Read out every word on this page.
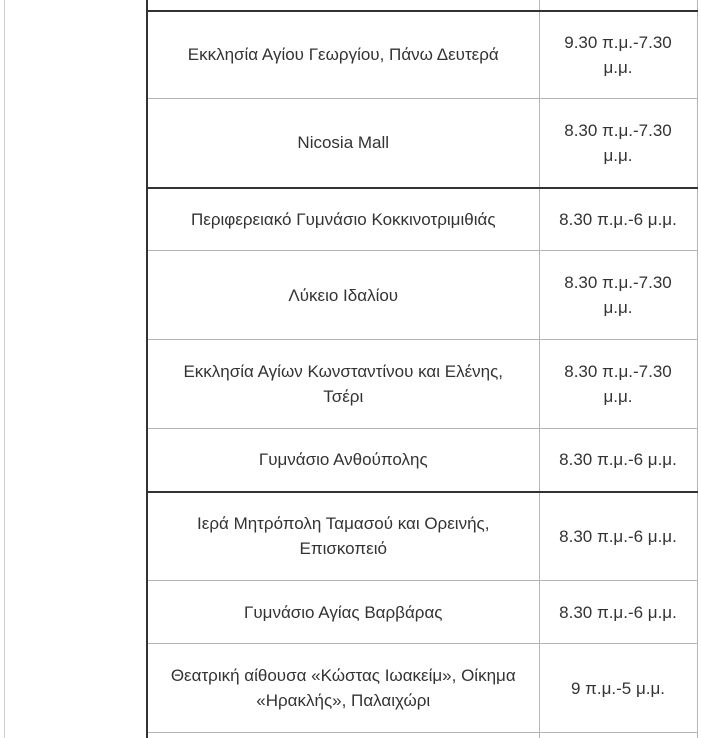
Εκκλησία Αγίου Γεωργίου, Πάνω Δευτερά	9.30 π.μ.-7.30 μ.μ.
Nicosia Mall	8.30 π.μ.-7.30 μ.μ.
Περιφερειακό Γυμνάσιο Κοκκινοτριμιθιάς	8.30 π.μ.-6 μ.μ.
Λύκειο Ιδαλίου	8.30 π.μ.-7.30 μ.μ.
Εκκλησία Αγίων Κωνσταντίνου και Ελένης, Τσέρι	8.30 π.μ.-7.30 μ.μ.
Γυμνάσιο Ανθούπολης	8.30 π.μ.-6 μ.μ.
Ιερά Μητρόπολη Ταμασού και Ορεινής, Επισκοπειό	8.30 π.μ.-6 μ.μ.
Γυμνάσιο Αγίας Βαρβάρας	8.30 π.μ.-6 μ.μ.
Θεατρική αίθουσα «Κώστας Ιωακείμ», Οίκημα «Ηρακλής», Παλαιχώρι	9 π.μ.-5 μ.μ.
